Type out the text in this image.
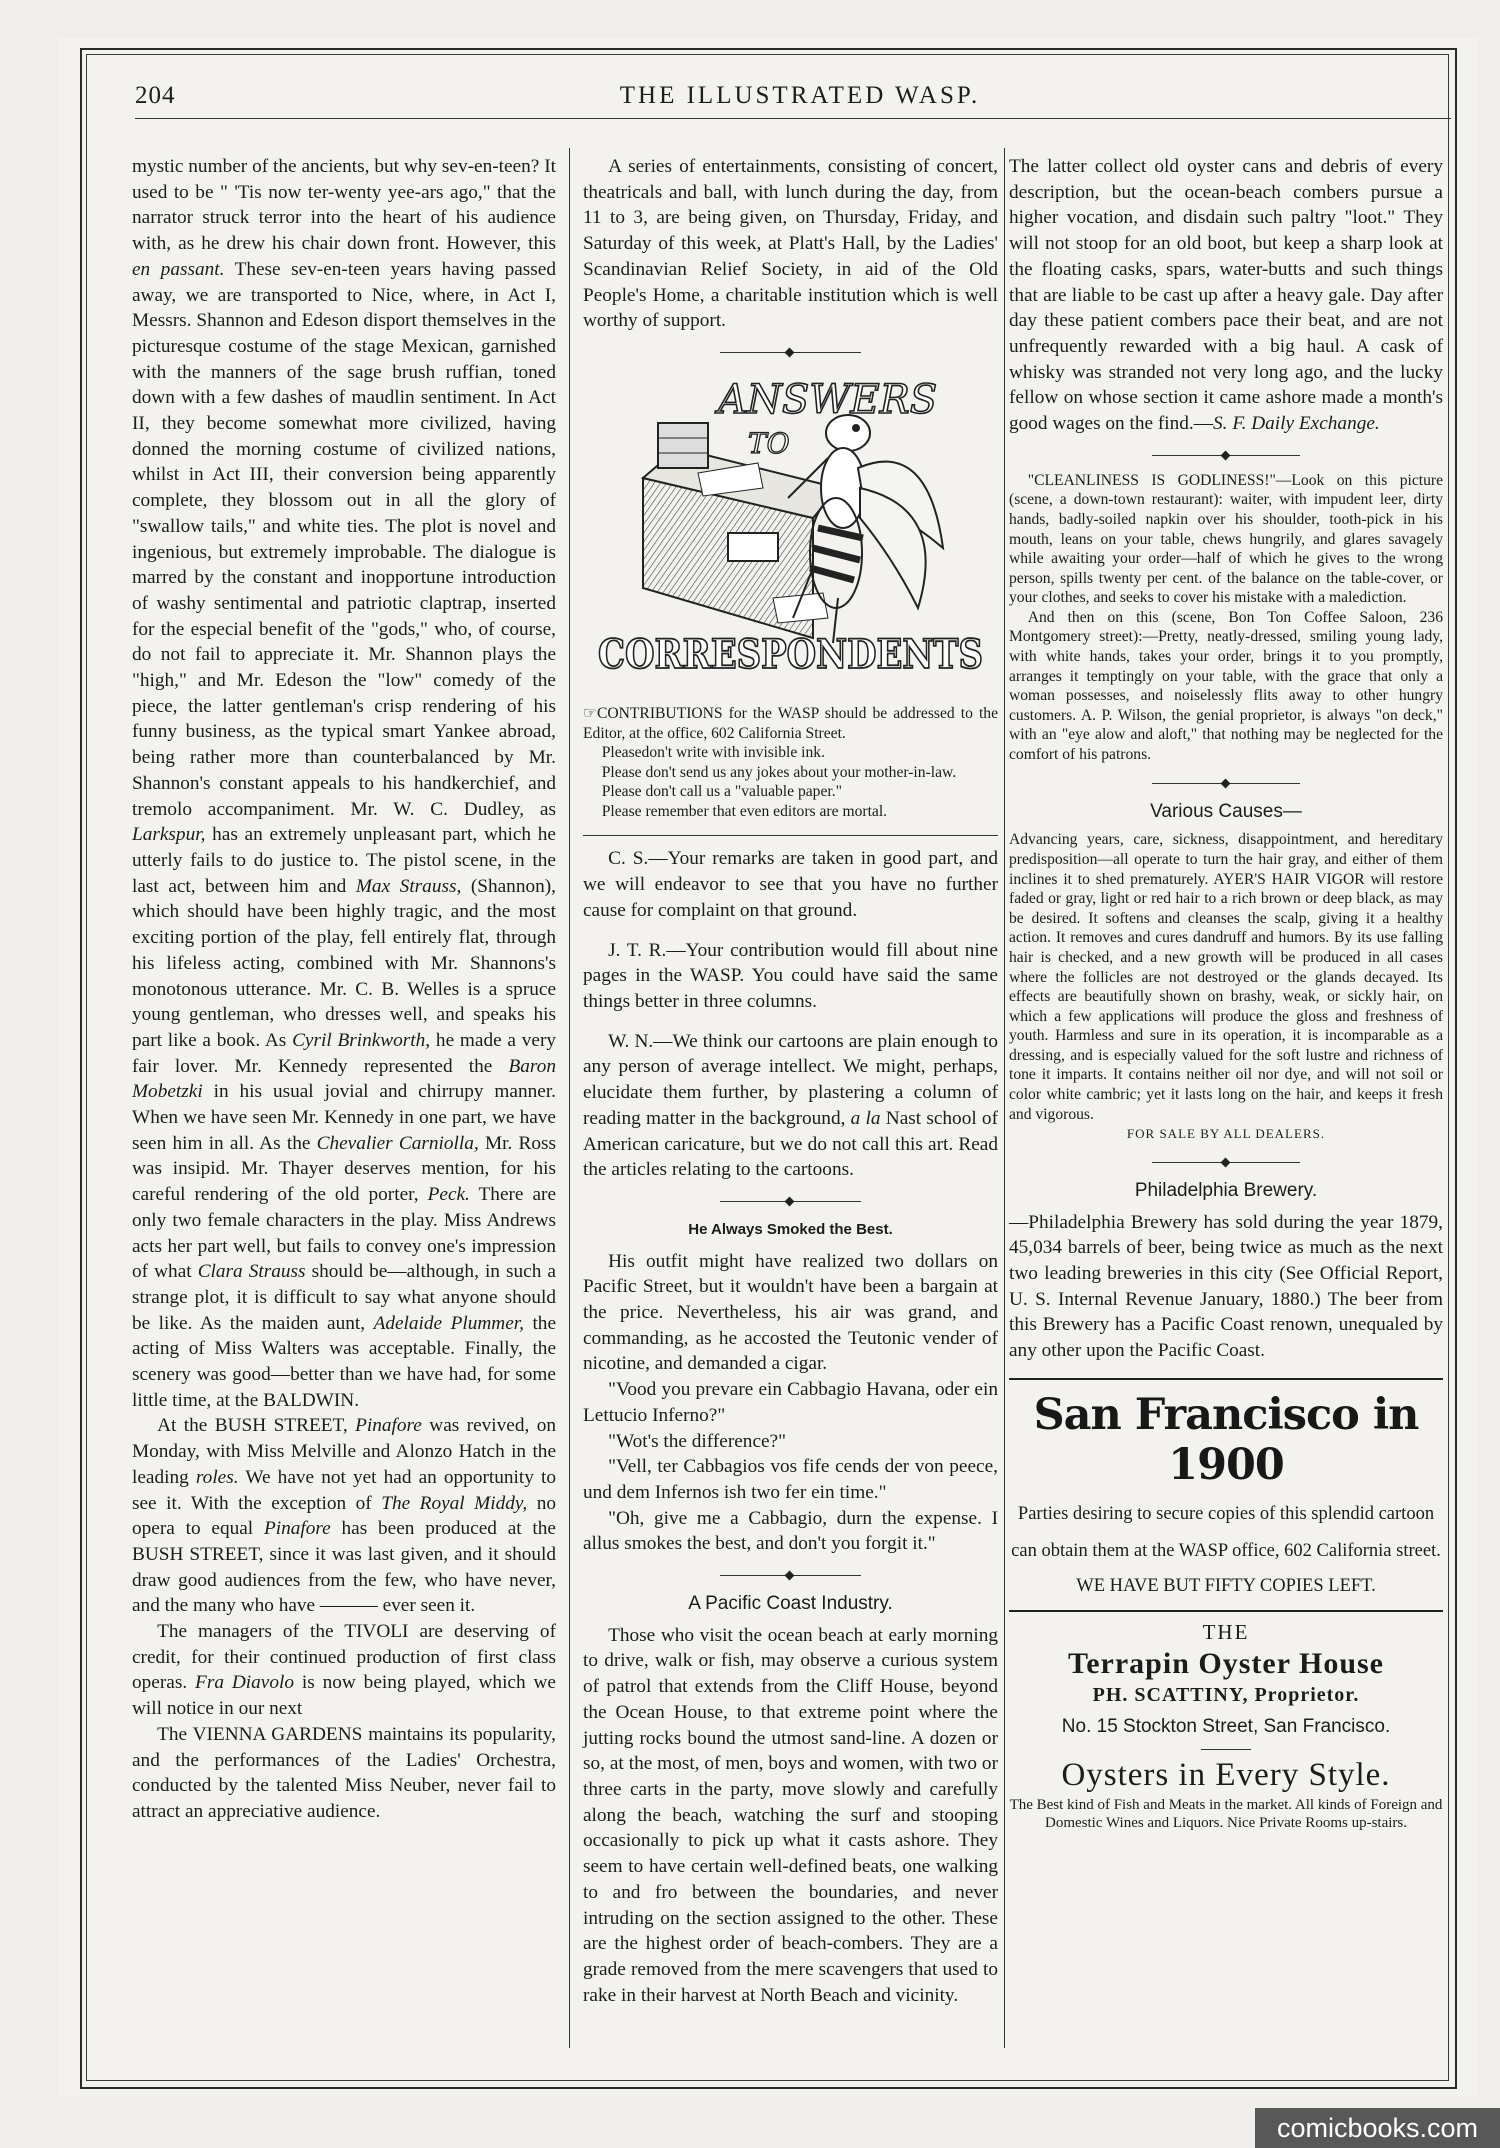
204	THE ILLUSTRATED WASP.

mystic number of the ancients, but why sev-en-teen? It used to be " 'Tis now ter-wenty yee-ars ago," that the narrator struck terror into the heart of his audience with, as he drew his chair down front. However, this en passant. These sev-en-teen years having passed away, we are transported to Nice, where, in Act I, Messrs. Shannon and Edeson disport themselves in the picturesque costume of the stage Mexican, garnished with the manners of the sage brush ruffian, toned down with a few dashes of maudlin sentiment. In Act II, they become somewhat more civilized, having donned the morning costume of civilized nations, whilst in Act III, their conversion being apparently complete, they blossom out in all the glory of "swallow tails," and white ties. The plot is novel and ingenious, but extremely improbable. The dialogue is marred by the constant and inopportune introduction of washy sentimental and patriotic claptrap, inserted for the especial benefit of the "gods," who, of course, do not fail to appreciate it. Mr. Shannon plays the "high," and Mr. Edeson the "low" comedy of the piece, the latter gentleman's crisp rendering of his funny business, as the typical smart Yankee abroad, being rather more than counterbalanced by Mr. Shannon's constant appeals to his handkerchief, and tremolo accompaniment. Mr. W. C. Dudley, as Larkspur, has an extremely unpleasant part, which he utterly fails to do justice to. The pistol scene, in the last act, between him and Max Strauss, (Shannon), which should have been highly tragic, and the most exciting portion of the play, fell entirely flat, through his lifeless acting, combined with Mr. Shannons's monotonous utterance. Mr. C. B. Welles is a spruce young gentleman, who dresses well, and speaks his part like a book. As Cyril Brinkworth, he made a very fair lover. Mr. Kennedy represented the Baron Mobetzki in his usual jovial and chirrupy manner. When we have seen Mr. Kennedy in one part, we have seen him in all. As the Chevalier Carniolla, Mr. Ross was insipid. Mr. Thayer deserves mention, for his careful rendering of the old porter, Peck. There are only two female characters in the play. Miss Andrews acts her part well, but fails to convey one's impression of what Clara Strauss should be—although, in such a strange plot, it is difficult to say what anyone should be like. As the maiden aunt, Adelaide Plummer, the acting of Miss Walters was acceptable. Finally, the scenery was good—better than we have had, for some little time, at the BALDWIN.

At the BUSH STREET, Pinafore was revived, on Monday, with Miss Melville and Alonzo Hatch in the leading roles. We have not yet had an opportunity to see it. With the exception of The Royal Middy, no opera to equal Pinafore has been produced at the BUSH STREET, since it was last given, and it should draw good audiences from the few, who have never, and the many who have ——— ever seen it.

The managers of the TIVOLI are deserving of credit, for their continued production of first class operas. Fra Diavolo is now being played, which we will notice in our next

The VIENNA GARDENS maintains its popularity, and the performances of the Ladies' Orchestra, conducted by the talented Miss Neuber, never fail to attract an appreciative audience.

A series of entertainments, consisting of concert, theatricals and ball, with lunch during the day, from 11 to 3, are being given, on Thursday, Friday, and Saturday of this week, at Platt's Hall, by the Ladies' Scandinavian Relief Society, in aid of the Old People's Home, a charitable institution which is well worthy of support.

ANSWERS
TO
CORRESPONDENTS

☞CONTRIBUTIONS for the WASP should be addressed to the Editor, at the office, 602 California Street.

Pleasedon't write with invisible ink.

Please don't send us any jokes about your mother-in-law.

Please don't call us a "valuable paper."

Please remember that even editors are mortal.

C. S.—Your remarks are taken in good part, and we will endeavor to see that you have no further cause for complaint on that ground.

J. T. R.—Your contribution would fill about nine pages in the WASP. You could have said the same things better in three columns.

W. N.—We think our cartoons are plain enough to any person of average intellect. We might, perhaps, elucidate them further, by plastering a column of reading matter in the background, a la Nast school of American caricature, but we do not call this art. Read the articles relating to the cartoons.

He Always Smoked the Best.

His outfit might have realized two dollars on Pacific Street, but it wouldn't have been a bargain at the price. Nevertheless, his air was grand, and commanding, as he accosted the Teutonic vender of nicotine, and demanded a cigar.

"Vood you prevare ein Cabbagio Havana, oder ein Lettucio Inferno?"

"Wot's the difference?"

"Vell, ter Cabbagios vos fife cends der von peece, und dem Infernos ish two fer ein time."

"Oh, give me a Cabbagio, durn the expense. I allus smokes the best, and don't you forgit it."

A Pacific Coast Industry.

Those who visit the ocean beach at early morning to drive, walk or fish, may observe a curious system of patrol that extends from the Cliff House, beyond the Ocean House, to that extreme point where the jutting rocks bound the utmost sand-line. A dozen or so, at the most, of men, boys and women, with two or three carts in the party, move slowly and carefully along the beach, watching the surf and stooping occasionally to pick up what it casts ashore. They seem to have certain well-defined beats, one walking to and fro between the boundaries, and never intruding on the section assigned to the other. These are the highest order of beach-combers. They are a grade removed from the mere scavengers that used to rake in their harvest at North Beach and vicinity.

The latter collect old oyster cans and debris of every description, but the ocean-beach combers pursue a higher vocation, and disdain such paltry "loot." They will not stoop for an old boot, but keep a sharp look at the floating casks, spars, water-butts and such things that are liable to be cast up after a heavy gale. Day after day these patient combers pace their beat, and are not unfrequently rewarded with a big haul. A cask of whisky was stranded not very long ago, and the lucky fellow on whose section it came ashore made a month's good wages on the find.—S. F. Daily Exchange.

"CLEANLINESS IS GODLINESS!"—Look on this picture (scene, a down-town restaurant): waiter, with impudent leer, dirty hands, badly-soiled napkin over his shoulder, tooth-pick in his mouth, leans on your table, chews hungrily, and glares savagely while awaiting your order—half of which he gives to the wrong person, spills twenty per cent. of the balance on the table-cover, or your clothes, and seeks to cover his mistake with a malediction.

And then on this (scene, Bon Ton Coffee Saloon, 236 Montgomery street):—Pretty, neatly-dressed, smiling young lady, with white hands, takes your order, brings it to you promptly, arranges it temptingly on your table, with the grace that only a woman possesses, and noiselessly flits away to other hungry customers. A. P. Wilson, the genial proprietor, is always "on deck," with an "eye alow and aloft," that nothing may be neglected for the comfort of his patrons.

Various Causes—

Advancing years, care, sickness, disappointment, and hereditary predisposition—all operate to turn the hair gray, and either of them inclines it to shed prematurely. AYER'S HAIR VIGOR will restore faded or gray, light or red hair to a rich brown or deep black, as may be desired. It softens and cleanses the scalp, giving it a healthy action. It removes and cures dandruff and humors. By its use falling hair is checked, and a new growth will be produced in all cases where the follicles are not destroyed or the glands decayed. Its effects are beautifully shown on brashy, weak, or sickly hair, on which a few applications will produce the gloss and freshness of youth. Harmless and sure in its operation, it is incomparable as a dressing, and is especially valued for the soft lustre and richness of tone it imparts. It contains neither oil nor dye, and will not soil or color white cambric; yet it lasts long on the hair, and keeps it fresh and vigorous.

FOR SALE BY ALL DEALERS.
Philadelphia Brewery.

—Philadelphia Brewery has sold during the year 1879, 45,034 barrels of beer, being twice as much as the next two leading breweries in this city (See Official Report, U. S. Internal Revenue January, 1880.) The beer from this Brewery has a Pacific Coast renown, unequaled by any other upon the Pacific Coast.

San Francisco in 1900
Parties desiring to secure copies of this splendid cartoon can obtain them at the WASP office, 602 California street.
WE HAVE BUT FIFTY COPIES LEFT.
THE
Terrapin Oyster House
PH. SCATTINY, Proprietor.
No. 15 Stockton Street, San Francisco.
Oysters in Every Style.
The Best kind of Fish and Meats in the market. All kinds of Foreign and Domestic Wines and Liquors. Nice Private Rooms up-stairs.
comicbooks.com
